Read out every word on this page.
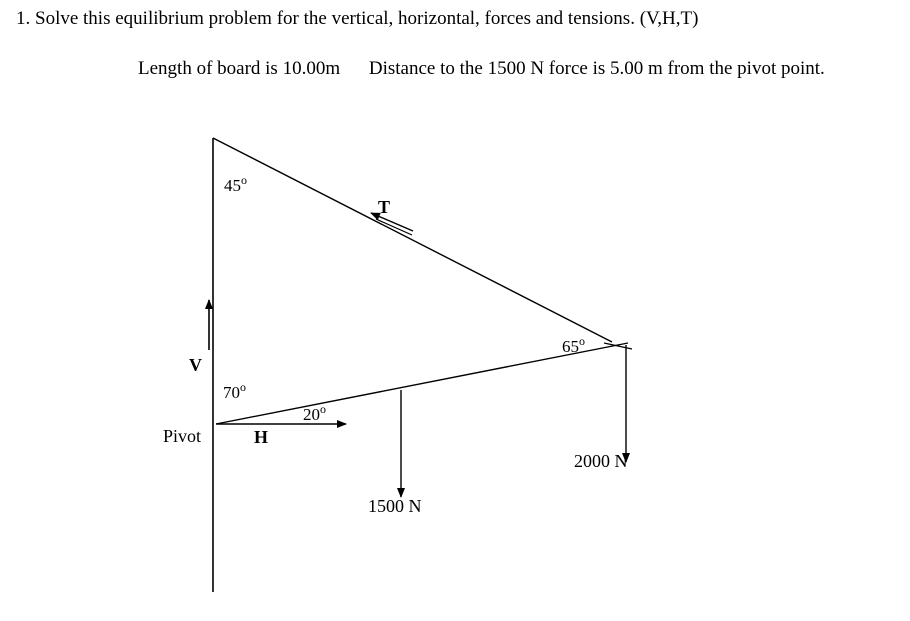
1. Solve this equilibrium problem for the vertical, horizontal, forces and tensions. (V,H,T)
Length of board is 10.00m Distance to the 1500 N force is 5.00 m from the pivot point.
45$^o$
70$^o$
20$^o$
65$^o$
T
V
H
Pivot
1500 N
2000 N
